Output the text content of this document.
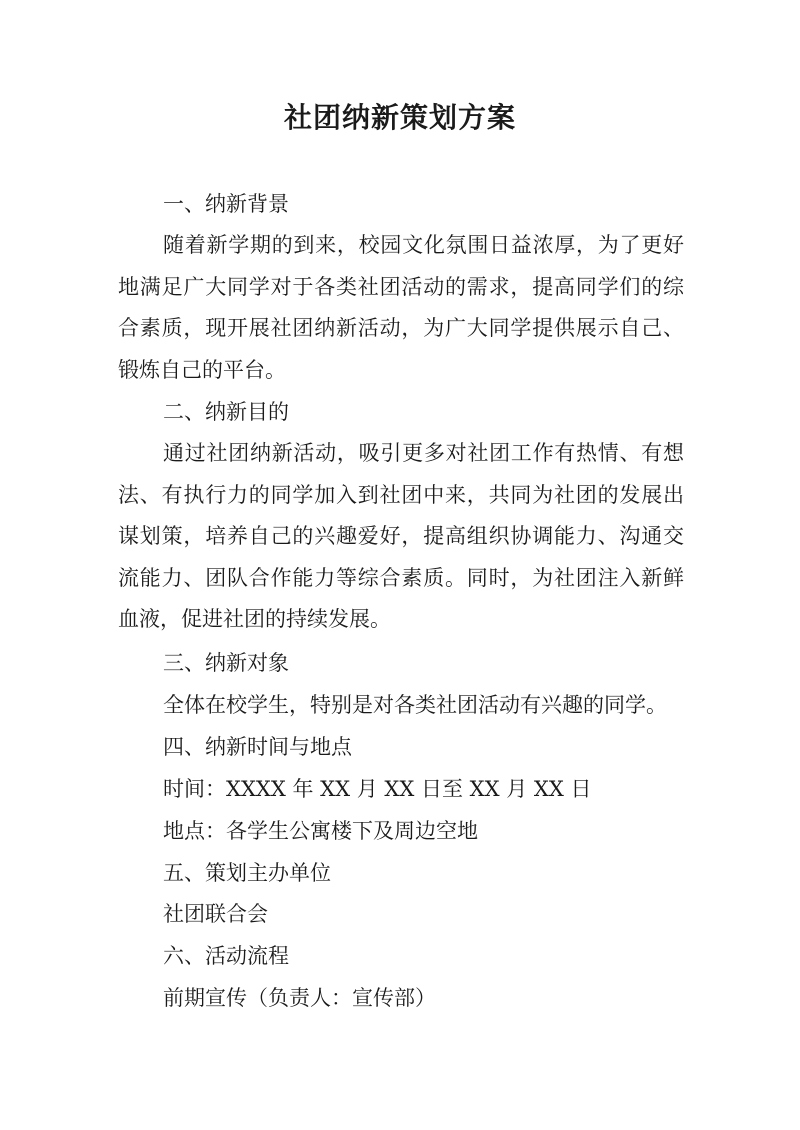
社团纳新策划方案
一、纳新背景
随着新学期的到来，校园文化氛围日益浓厚，为了更好地满足广大同学对于各类社团活动的需求，提高同学们的综合素质，现开展社团纳新活动，为广大同学提供展示自己、锻炼自己的平台。
二、纳新目的
通过社团纳新活动，吸引更多对社团工作有热情、有想法、有执行力的同学加入到社团中来，共同为社团的发展出谋划策，培养自己的兴趣爱好，提高组织协调能力、沟通交流能力、团队合作能力等综合素质。同时，为社团注入新鲜血液，促进社团的持续发展。
三、纳新对象
全体在校学生，特别是对各类社团活动有兴趣的同学。
四、纳新时间与地点
时间：XXXX 年 XX 月 XX 日至 XX 月 XX 日
地点：各学生公寓楼下及周边空地
五、策划主办单位
社团联合会
六、活动流程
前期宣传（负责人：宣传部）
